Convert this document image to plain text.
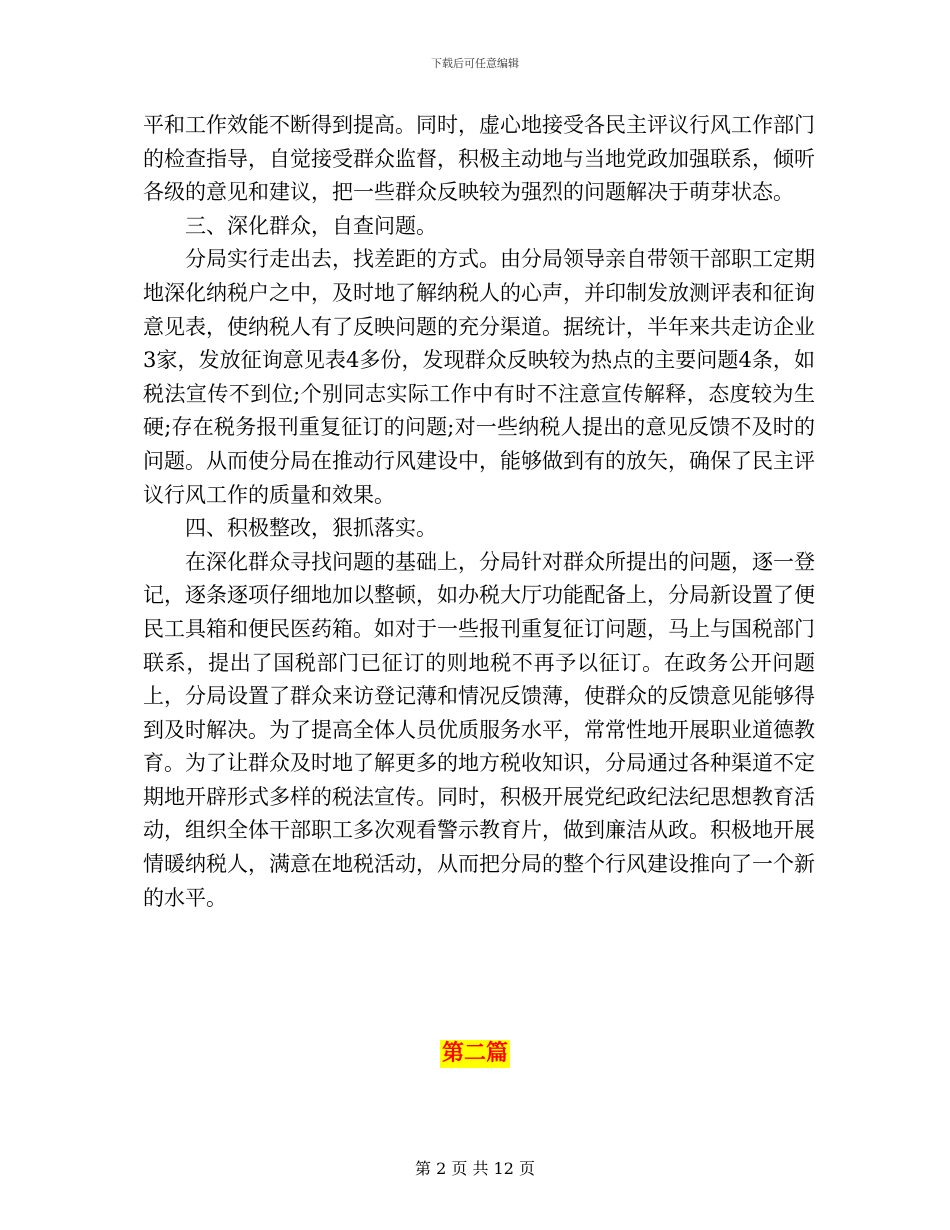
下载后可任意编辑

平和工作效能不断得到提高。同时，虚心地接受各民主评议行风工作部门的检查指导，自觉接受群众监督，积极主动地与当地党政加强联系，倾听各级的意见和建议，把一些群众反映较为强烈的问题解决于萌芽状态。

三、深化群众，自查问题。

分局实行走出去，找差距的方式。由分局领导亲自带领干部职工定期地深化纳税户之中，及时地了解纳税人的心声，并印制发放测评表和征询意见表，使纳税人有了反映问题的充分渠道。据统计，半年来共走访企业3家，发放征询意见表4多份，发现群众反映较为热点的主要问题4条，如税法宣传不到位;个别同志实际工作中有时不注意宣传解释，态度较为生硬;存在税务报刊重复征订的问题;对一些纳税人提出的意见反馈不及时的问题。从而使分局在推动行风建设中，能够做到有的放矢，确保了民主评议行风工作的质量和效果。

四、积极整改，狠抓落实。

在深化群众寻找问题的基础上，分局针对群众所提出的问题，逐一登记，逐条逐项仔细地加以整顿，如办税大厅功能配备上，分局新设置了便民工具箱和便民医药箱。如对于一些报刊重复征订问题，马上与国税部门联系，提出了国税部门已征订的则地税不再予以征订。在政务公开问题上，分局设置了群众来访登记薄和情况反馈薄，使群众的反馈意见能够得到及时解决。为了提高全体人员优质服务水平，常常性地开展职业道德教育。为了让群众及时地了解更多的地方税收知识，分局通过各种渠道不定期地开辟形式多样的税法宣传。同时，积极开展党纪政纪法纪思想教育活动，组织全体干部职工多次观看警示教育片，做到廉洁从政。积极地开展情暖纳税人，满意在地税活动，从而把分局的整个行风建设推向了一个新的水平。

第二篇
第 2 页 共 12 页
